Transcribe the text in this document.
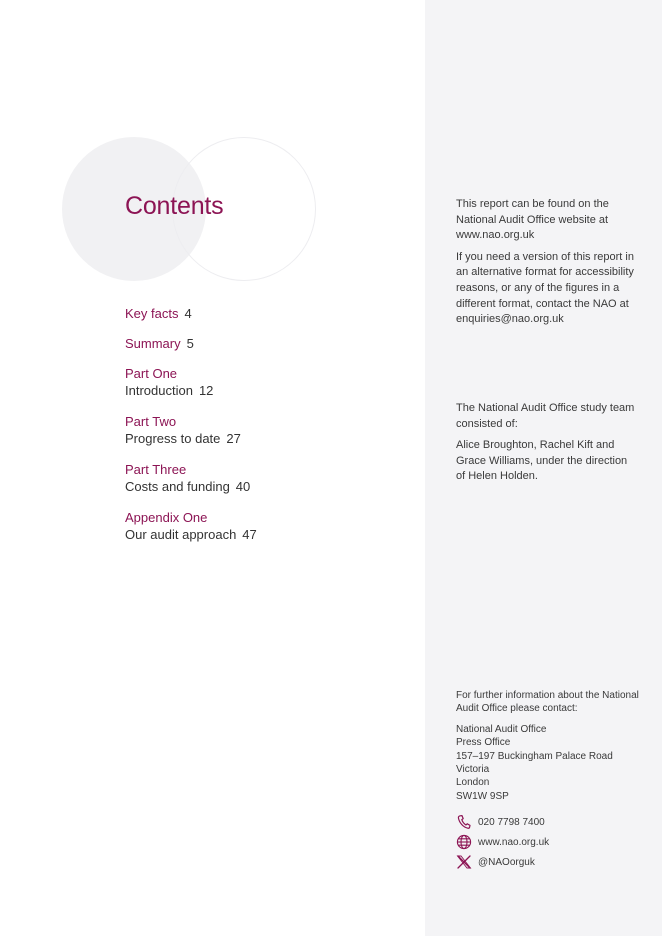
Contents
Key facts 4
Summary 5
Part One
Introduction 12
Part Two
Progress to date 27
Part Three
Costs and funding 40
Appendix One
Our audit approach 47

This report can be found on the National Audit Office website at www.nao.org.uk

If you need a version of this report in an alternative format for accessibility reasons, or any of the figures in a different format, contact the NAO at enquiries@nao.org.uk

The National Audit Office study team consisted of:

Alice Broughton, Rachel Kift and Grace Williams, under the direction of Helen Holden.

For further information about the National Audit Office please contact:

National Audit Office
Press Office
157–197 Buckingham Palace Road
Victoria
London
SW1W 9SP

020 7798 7400
www.nao.org.uk
@NAOorguk
